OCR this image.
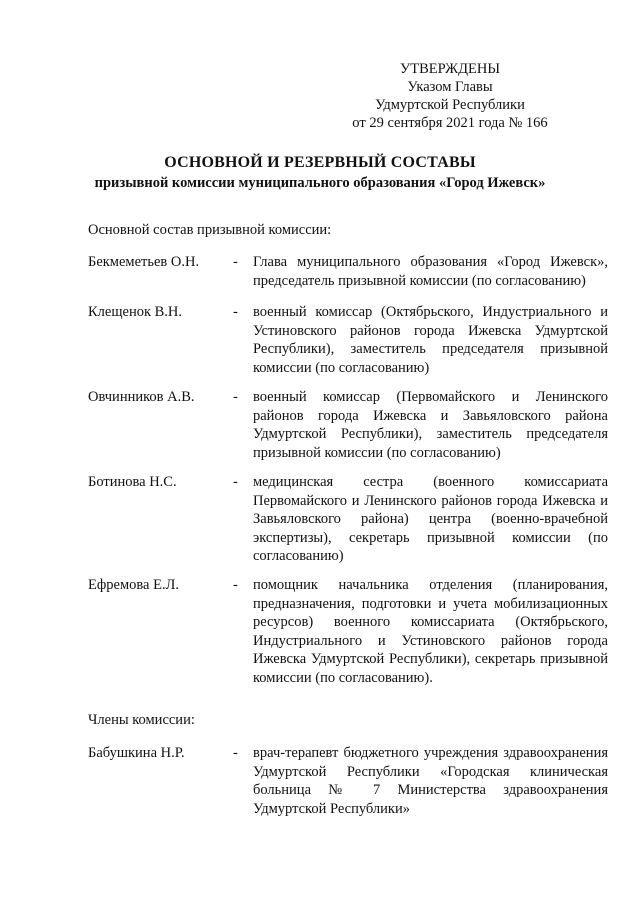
УТВЕРЖДЕНЫ
Указом Главы
Удмуртской Республики
от 29 сентября 2021 года № 166
ОСНОВНОЙ И РЕЗЕРВНЫЙ СОСТАВЫ
призывной комиссии муниципального образования «Город Ижевск»
Основной состав призывной комиссии:
Бекмеметьев О.Н.	-	Глава муниципального образования «Город Ижевск», председатель призывной комиссии (по согласованию)
Клещенок В.Н.	-	военный комиссар (Октябрьского, Индустриального и Устиновского районов города Ижевска Удмуртской Республики), заместитель председателя призывной комиссии (по согласованию)
Овчинников А.В.	-	военный комиссар (Первомайского и Ленинского районов города Ижевска и Завьяловского района Удмуртской Республики), заместитель председателя призывной комиссии (по согласованию)
Ботинова Н.С.	-	медицинская сестра (военного комиссариата Первомайского и Ленинского районов города Ижевска и Завьяловского района) центра (военно-врачебной экспертизы), секретарь призывной комиссии (по согласованию)
Ефремова Е.Л.	-	помощник начальника отделения (планирования, предназначения, подготовки и учета мобилизационных ресурсов) военного комиссариата (Октябрьского, Индустриального и Устиновского районов города Ижевска Удмуртской Республики), секретарь призывной комиссии (по согласованию).
Члены комиссии:
Бабушкина Н.Р.	-	врач-терапевт бюджетного учреждения здравоохранения Удмуртской Республики «Городская клиническая больница № 7 Министерства здравоохранения Удмуртской Республики»
